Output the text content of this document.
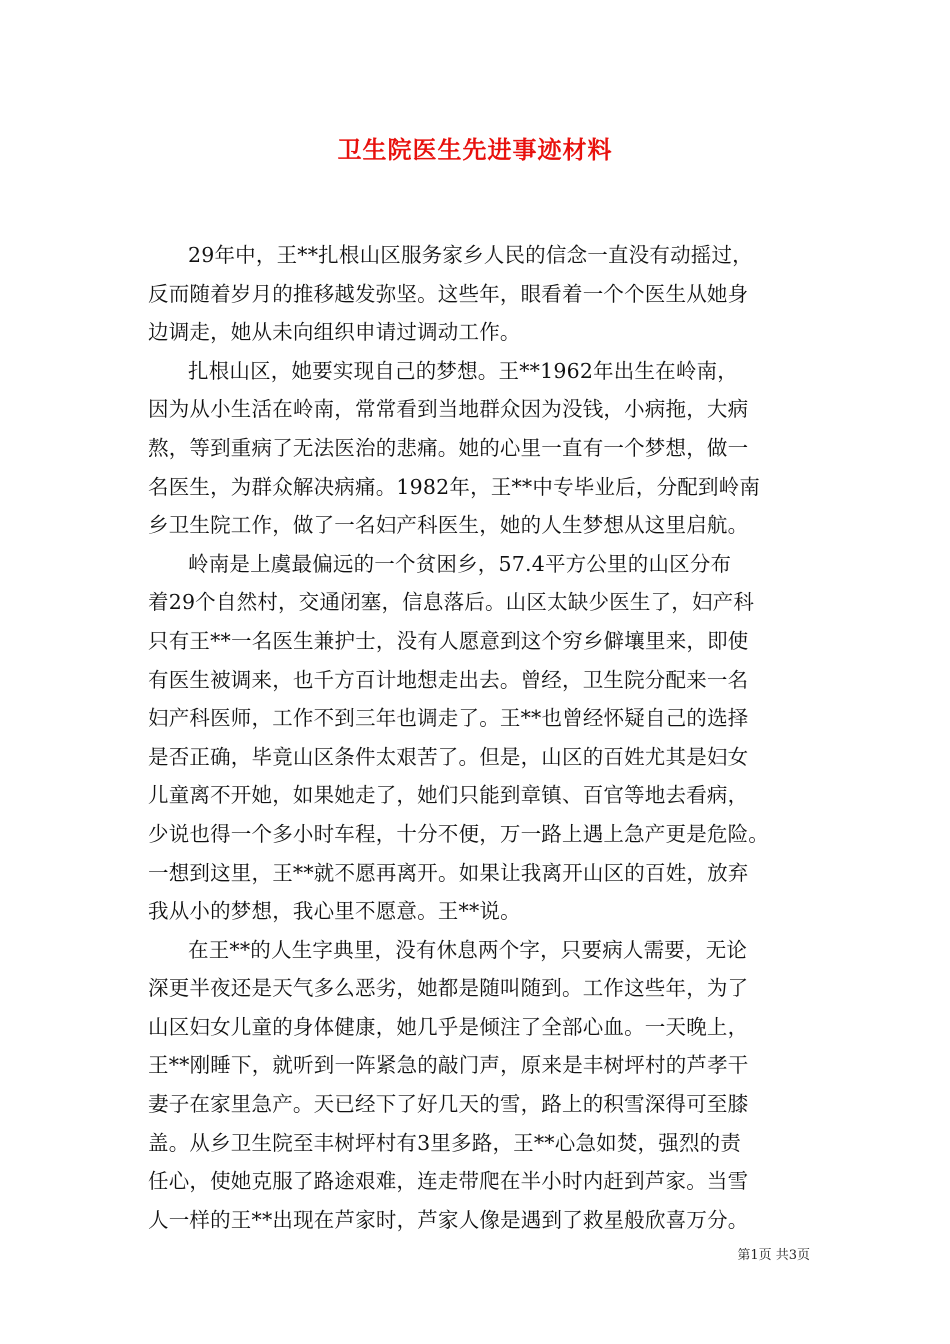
卫生院医生先进事迹材料
29年中，王**扎根山区服务家乡人民的信念一直没有动摇过，
反而随着岁月的推移越发弥坚。这些年，眼看着一个个医生从她身
边调走，她从未向组织申请过调动工作。
扎根山区，她要实现自己的梦想。王**1962年出生在岭南，
因为从小生活在岭南，常常看到当地群众因为没钱，小病拖，大病
熬，等到重病了无法医治的悲痛。她的心里一直有一个梦想，做一
名医生，为群众解决病痛。1982年，王**中专毕业后，分配到岭南
乡卫生院工作，做了一名妇产科医生，她的人生梦想从这里启航。
岭南是上虞最偏远的一个贫困乡，57.4平方公里的山区分布
着29个自然村，交通闭塞，信息落后。山区太缺少医生了，妇产科
只有王**一名医生兼护士，没有人愿意到这个穷乡僻壤里来，即使
有医生被调来，也千方百计地想走出去。曾经，卫生院分配来一名
妇产科医师，工作不到三年也调走了。王**也曾经怀疑自己的选择
是否正确，毕竟山区条件太艰苦了。但是，山区的百姓尤其是妇女
儿童离不开她，如果她走了，她们只能到章镇、百官等地去看病，
少说也得一个多小时车程，十分不便，万一路上遇上急产更是危险。
一想到这里，王**就不愿再离开。如果让我离开山区的百姓，放弃
我从小的梦想，我心里不愿意。王**说。
在王**的人生字典里，没有休息两个字，只要病人需要，无论
深更半夜还是天气多么恶劣，她都是随叫随到。工作这些年，为了
山区妇女儿童的身体健康，她几乎是倾注了全部心血。一天晚上，
王**刚睡下，就听到一阵紧急的敲门声，原来是丰树坪村的芦孝干
妻子在家里急产。天已经下了好几天的雪，路上的积雪深得可至膝
盖。从乡卫生院至丰树坪村有3里多路，王**心急如焚，强烈的责
任心，使她克服了路途艰难，连走带爬在半小时内赶到芦家。当雪
人一样的王**出现在芦家时，芦家人像是遇到了救星般欣喜万分。
第1页 共3页
